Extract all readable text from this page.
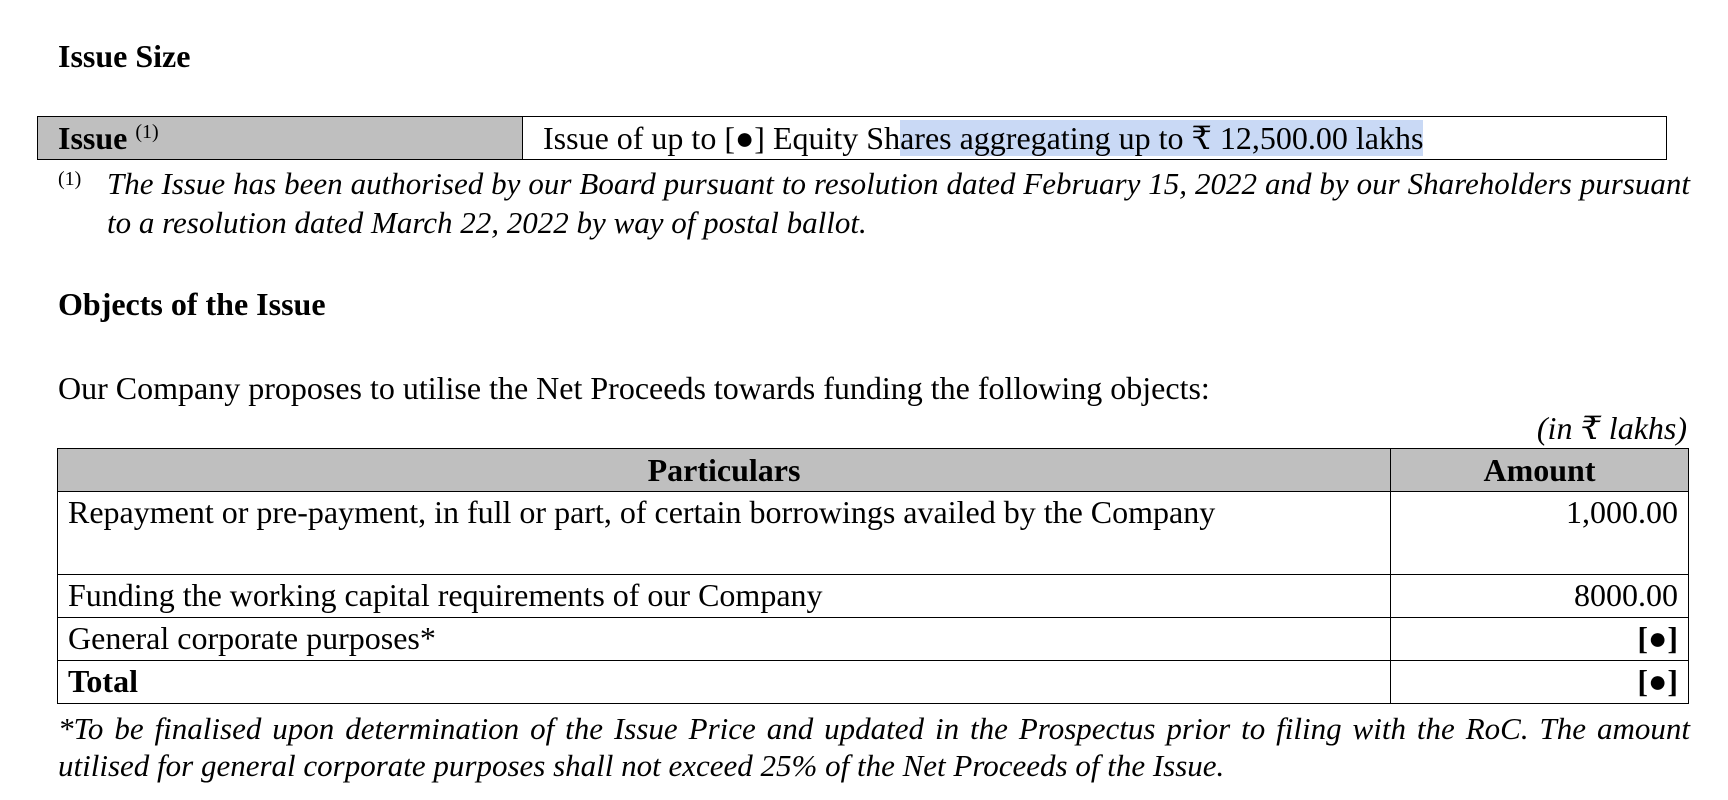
Issue Size
Issue $^{(1)}$	Issue of up to [●] Equity Shares aggregating up to ₹ 12,500.00 lakhs
(1) The Issue has been authorised by our Board pursuant to resolution dated February 15, 2022 and by our Shareholders pursuant to a resolution dated March 22, 2022 by way of postal ballot.
Objects of the Issue

Our Company proposes to utilise the Net Proceeds towards funding the following objects:

(in ₹ lakhs)

Particulars	Amount
Repayment or pre-payment, in full or part, of certain borrowings availed by the Company	1,000.00
Funding the working capital requirements of our Company	8000.00
General corporate purposes*	[●]
Total	[●]

*To be finalised upon determination of the Issue Price and updated in the Prospectus prior to filing with the RoC. The amount utilised for general corporate purposes shall not exceed 25% of the Net Proceeds of the Issue.
